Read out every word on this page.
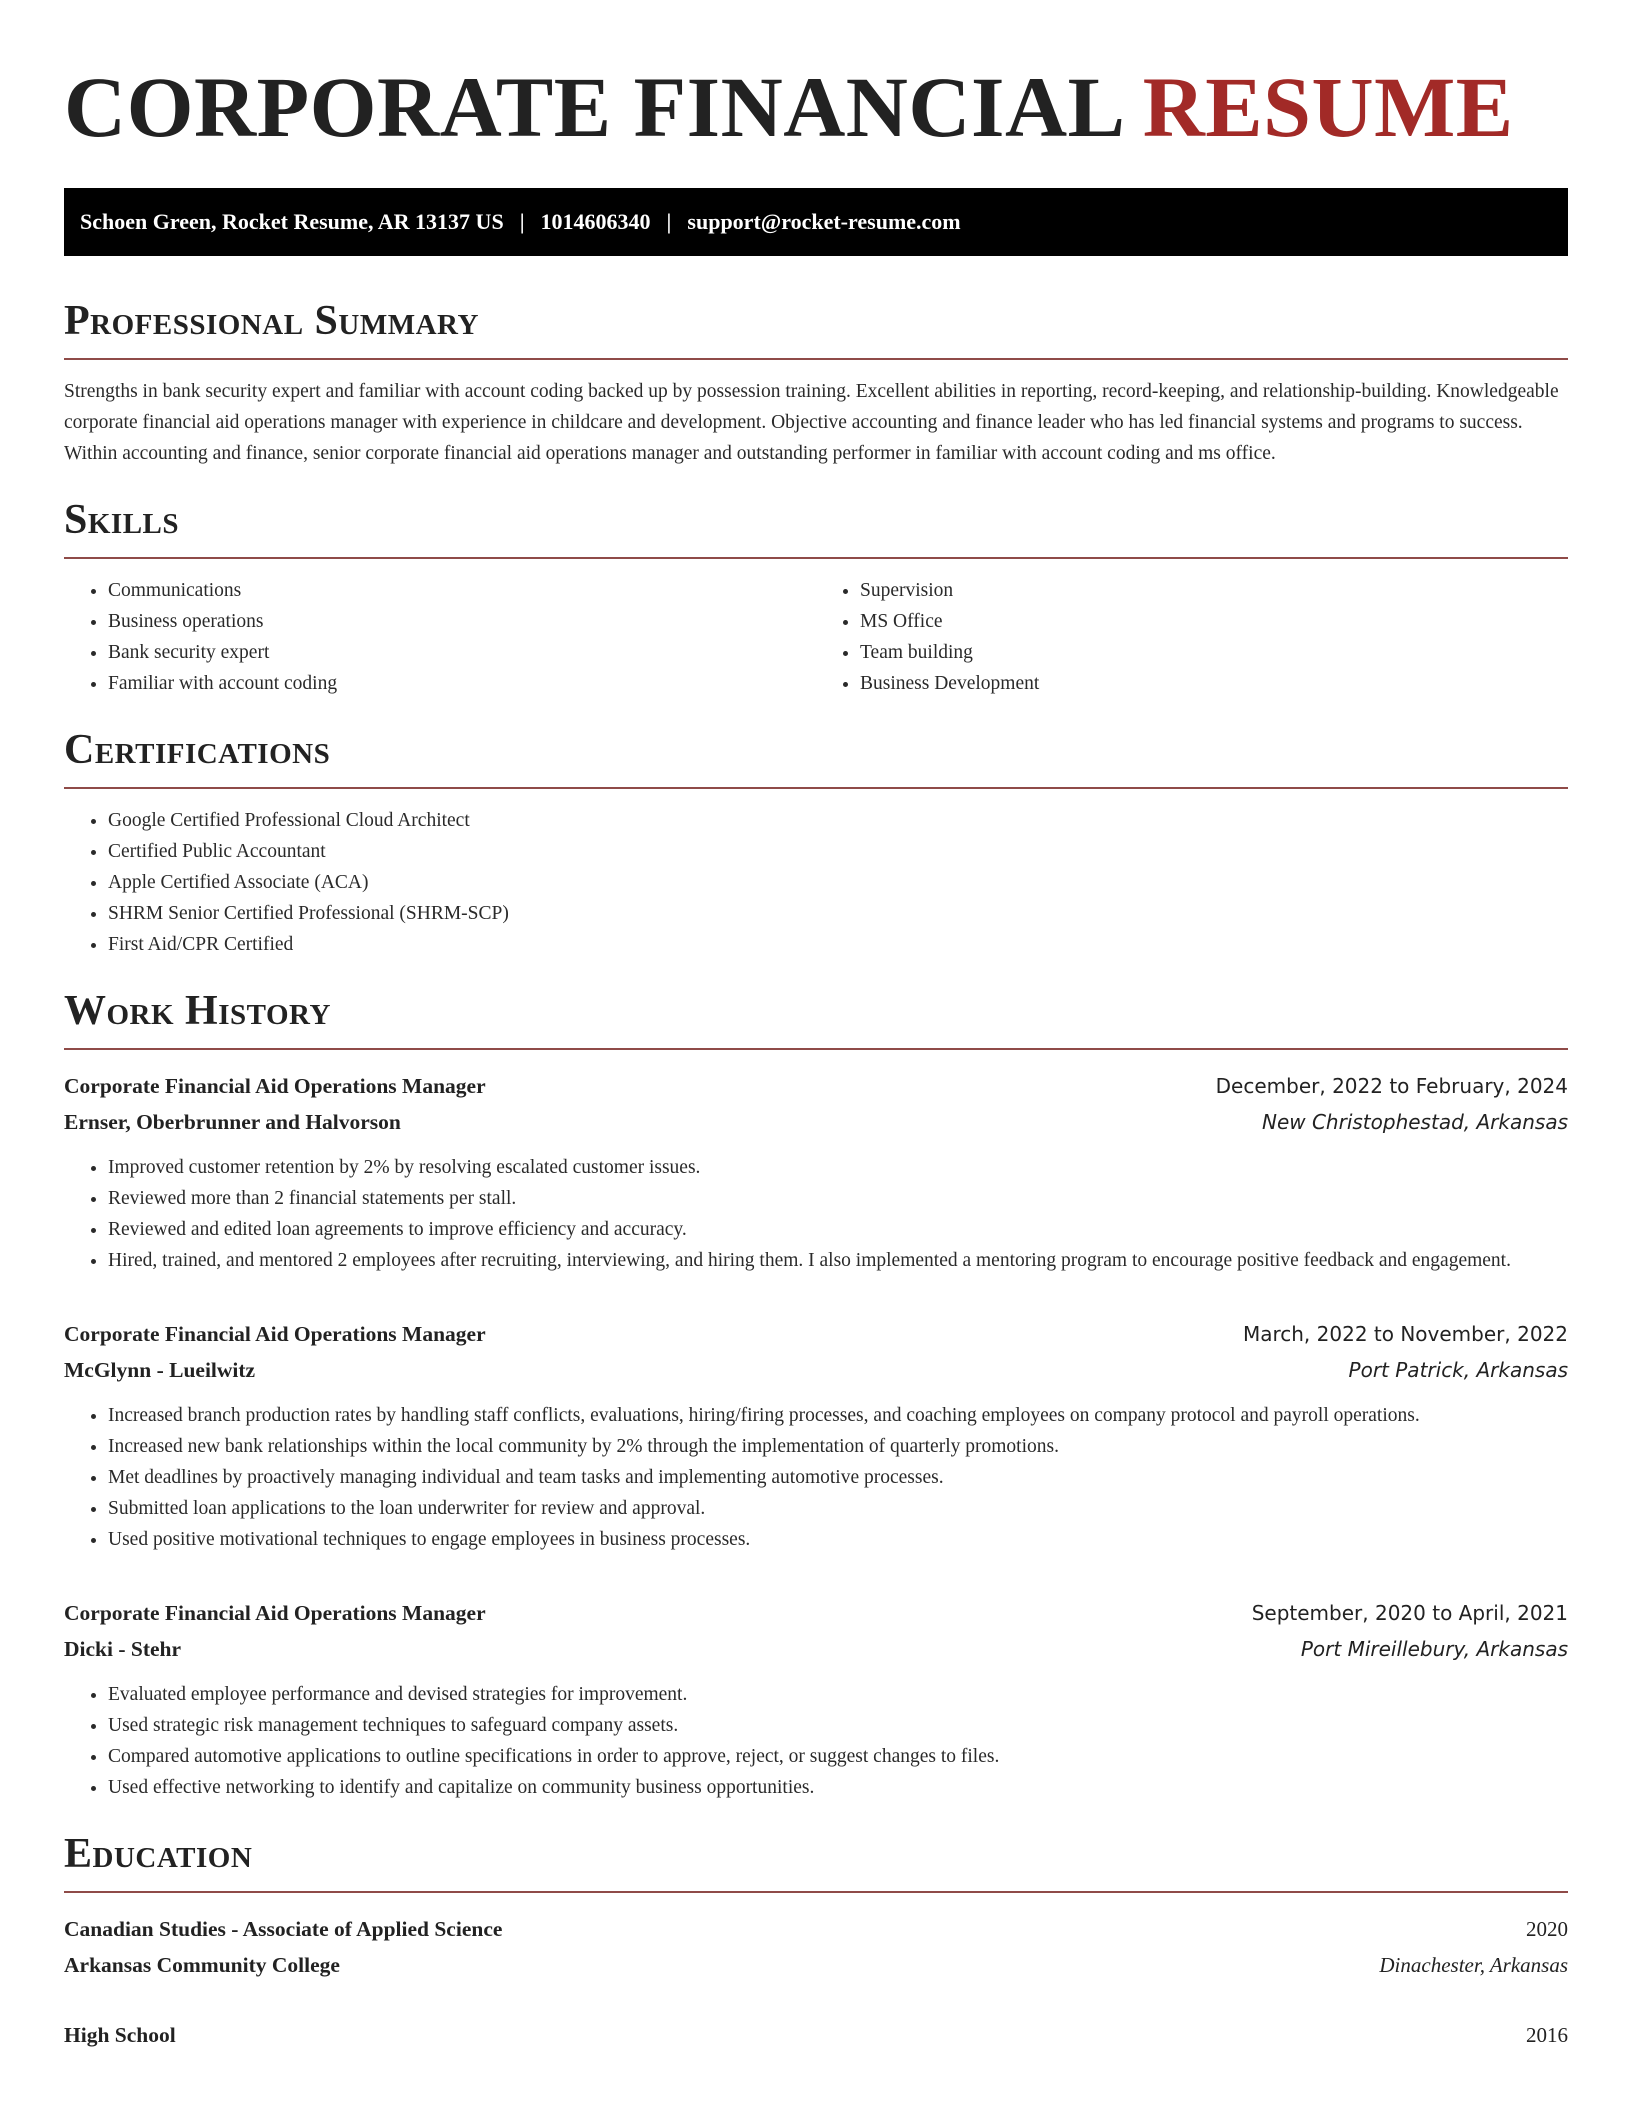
CORPORATE FINANCIAL RESUME
Schoen Green, Rocket Resume, AR 13137 US | 1014606340 | support@rocket-resume.com
Professional Summary

Strengths in bank security expert and familiar with account coding backed up by possession training. Excellent abilities in reporting, record-keeping, and relationship-building. Knowledgeable corporate financial aid operations manager with experience in childcare and development. Objective accounting and finance leader who has led financial systems and programs to success. Within accounting and finance, senior corporate financial aid operations manager and outstanding performer in familiar with account coding and ms office.

Skills
• Communications
• Business operations
• Bank security expert
• Familiar with account coding
• Supervision
• MS Office
• Team building
• Business Development
Certifications
• Google Certified Professional Cloud Architect
• Certified Public Accountant
• Apple Certified Associate (ACA)
• SHRM Senior Certified Professional (SHRM-SCP)
• First Aid/CPR Certified
Work History
Corporate Financial Aid Operations Manager	December, 2022 to February, 2024
Ernser, Oberbrunner and Halvorson	New Christophestad, Arkansas
• Improved customer retention by 2% by resolving escalated customer issues.
• Reviewed more than 2 financial statements per stall.
• Reviewed and edited loan agreements to improve efficiency and accuracy.
• Hired, trained, and mentored 2 employees after recruiting, interviewing, and hiring them. I also implemented a mentoring program to encourage positive feedback and engagement.
Corporate Financial Aid Operations Manager	March, 2022 to November, 2022
McGlynn - Lueilwitz	Port Patrick, Arkansas
• Increased branch production rates by handling staff conflicts, evaluations, hiring/firing processes, and coaching employees on company protocol and payroll operations.
• Increased new bank relationships within the local community by 2% through the implementation of quarterly promotions.
• Met deadlines by proactively managing individual and team tasks and implementing automotive processes.
• Submitted loan applications to the loan underwriter for review and approval.
• Used positive motivational techniques to engage employees in business processes.
Corporate Financial Aid Operations Manager	September, 2020 to April, 2021
Dicki - Stehr	Port Mireillebury, Arkansas
• Evaluated employee performance and devised strategies for improvement.
• Used strategic risk management techniques to safeguard company assets.
• Compared automotive applications to outline specifications in order to approve, reject, or suggest changes to files.
• Used effective networking to identify and capitalize on community business opportunities.
Education
Canadian Studies - Associate of Applied Science	2020
Arkansas Community College	Dinachester, Arkansas
High School	2016
